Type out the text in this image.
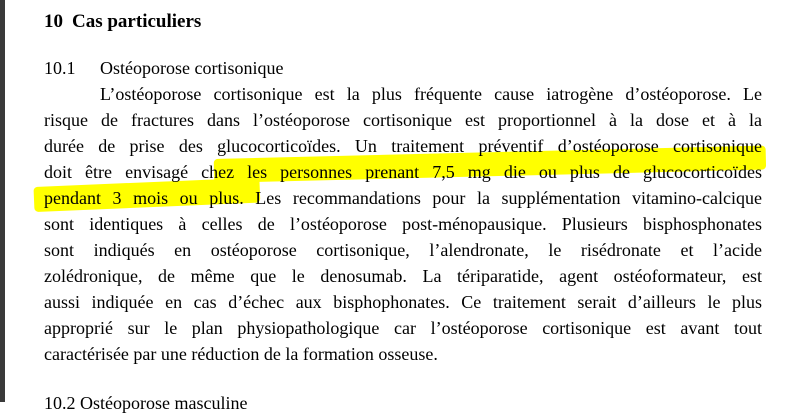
10 Cas particuliers
10.1 Ostéoporose cortisonique
L’ostéoporose cortisonique est la plus fréquente cause iatrogène d’ostéoporose. Le
risque de fractures dans l’ostéoporose cortisonique est proportionnel à la dose et à la
durée de prise des glucocorticoïdes. Un traitement préventif d’ostéoporose cortisonique
doit être envisagé chez les personnes prenant 7,5 mg die ou plus de glucocorticoïdes
pendant 3 mois ou plus. Les recommandations pour la supplémentation vitamino-calcique
sont identiques à celles de l’ostéoporose post-ménopausique. Plusieurs bisphosphonates
sont indiqués en ostéoporose cortisonique, l’alendronate, le risédronate et l’acide
zolédronique, de même que le denosumab. La tériparatide, agent ostéoformateur, est
aussi indiquée en cas d’échec aux bisphophonates. Ce traitement serait d’ailleurs le plus
approprié sur le plan physiopathologique car l’ostéoporose cortisonique est avant tout
caractérisée par une réduction de la formation osseuse.
10.2 Ostéoporose masculine
